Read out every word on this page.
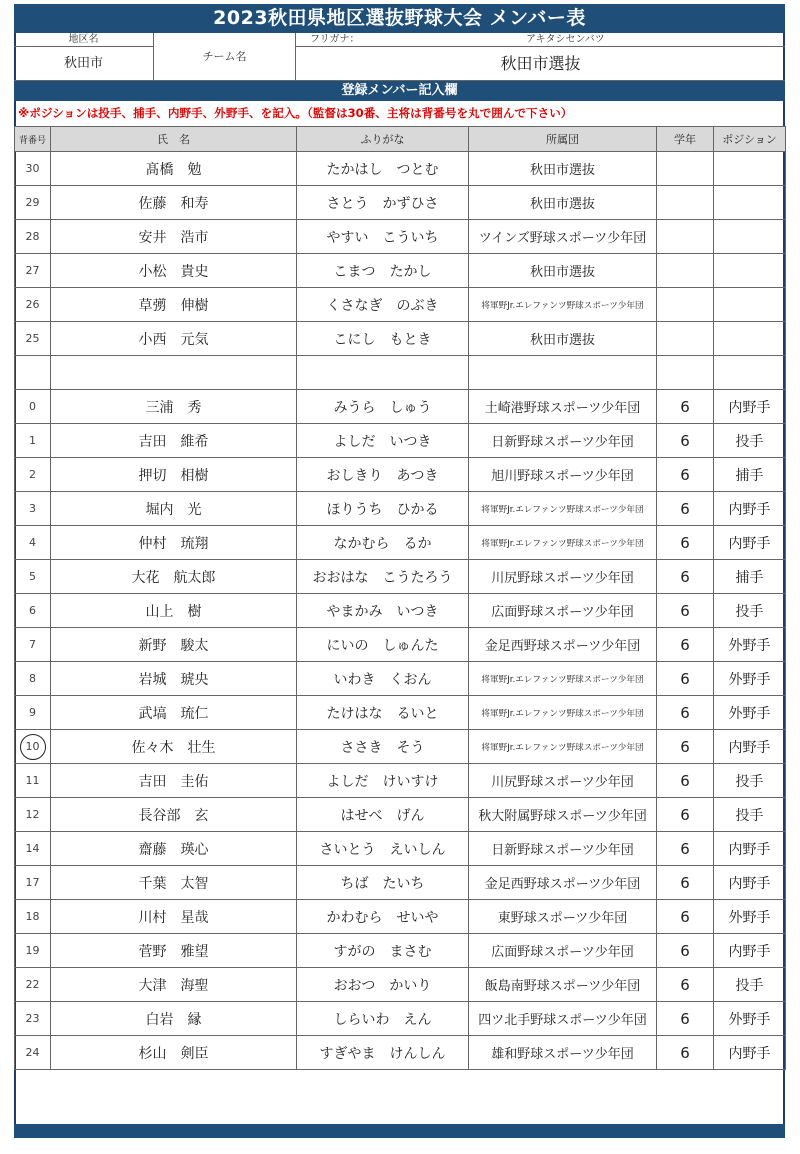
2023秋田県地区選抜野球大会 メンバー表
地区名
秋田市	チーム名
フリガナ：	アキタシセンバツ
秋田市選抜
登録メンバー記入欄
※ポジションは投手、捕手、内野手、外野手、を記入。（監督は30番、主将は背番号を丸で囲んで下さい）
背番号	氏　名	ふりがな	所属団	学年	ポジション
30	髙橋　勉	たかはし　つとむ	秋田市選抜		
29	佐藤　和寿	さとう　かずひさ	秋田市選抜		
28	安井　浩市	やすい　こういち	ツインズ野球スポーツ少年団		
27	小松　貴史	こまつ　たかし	秋田市選抜		
26	草彅　伸樹	くさなぎ　のぶき	将軍野Jr.エレファンツ野球スポーツ少年団		
25	小西　元気	こにし　もとき	秋田市選抜		

0	三浦　秀	みうら　しゅう	土崎港野球スポーツ少年団	6	内野手
1	吉田　維希	よしだ　いつき	日新野球スポーツ少年団	6	投手
2	押切　相樹	おしきり　あつき	旭川野球スポーツ少年団	6	捕手
3	堀内　光	ほりうち　ひかる	将軍野Jr.エレファンツ野球スポーツ少年団	6	内野手
4	仲村　琉翔	なかむら　るか	将軍野Jr.エレファンツ野球スポーツ少年団	6	内野手
5	大花　航太郎	おおはな　こうたろう	川尻野球スポーツ少年団	6	捕手
6	山上　樹	やまかみ　いつき	広面野球スポーツ少年団	6	投手
7	新野　駿太	にいの　しゅんた	金足西野球スポーツ少年団	6	外野手
8	岩城　琥央	いわき　くおん	将軍野Jr.エレファンツ野球スポーツ少年団	6	外野手
9	武塙　琉仁	たけはな　るいと	将軍野Jr.エレファンツ野球スポーツ少年団	6	外野手
10	佐々木　壮生	ささき　そう	将軍野Jr.エレファンツ野球スポーツ少年団	6	内野手
11	吉田　圭佑	よしだ　けいすけ	川尻野球スポーツ少年団	6	投手
12	長谷部　玄	はせべ　げん	秋大附属野球スポーツ少年団	6	投手
14	齋藤　瑛心	さいとう　えいしん	日新野球スポーツ少年団	6	内野手
17	千葉　太智	ちば　たいち	金足西野球スポーツ少年団	6	内野手
18	川村　星哉	かわむら　せいや	東野球スポーツ少年団	6	外野手
19	菅野　雅望	すがの　まさむ	広面野球スポーツ少年団	6	内野手
22	大津　海聖	おおつ　かいり	飯島南野球スポーツ少年団	6	投手
23	白岩　縁	しらいわ　えん	四ツ北手野球スポーツ少年団	6	外野手
24	杉山　剣臣	すぎやま　けんしん	雄和野球スポーツ少年団	6	内野手
